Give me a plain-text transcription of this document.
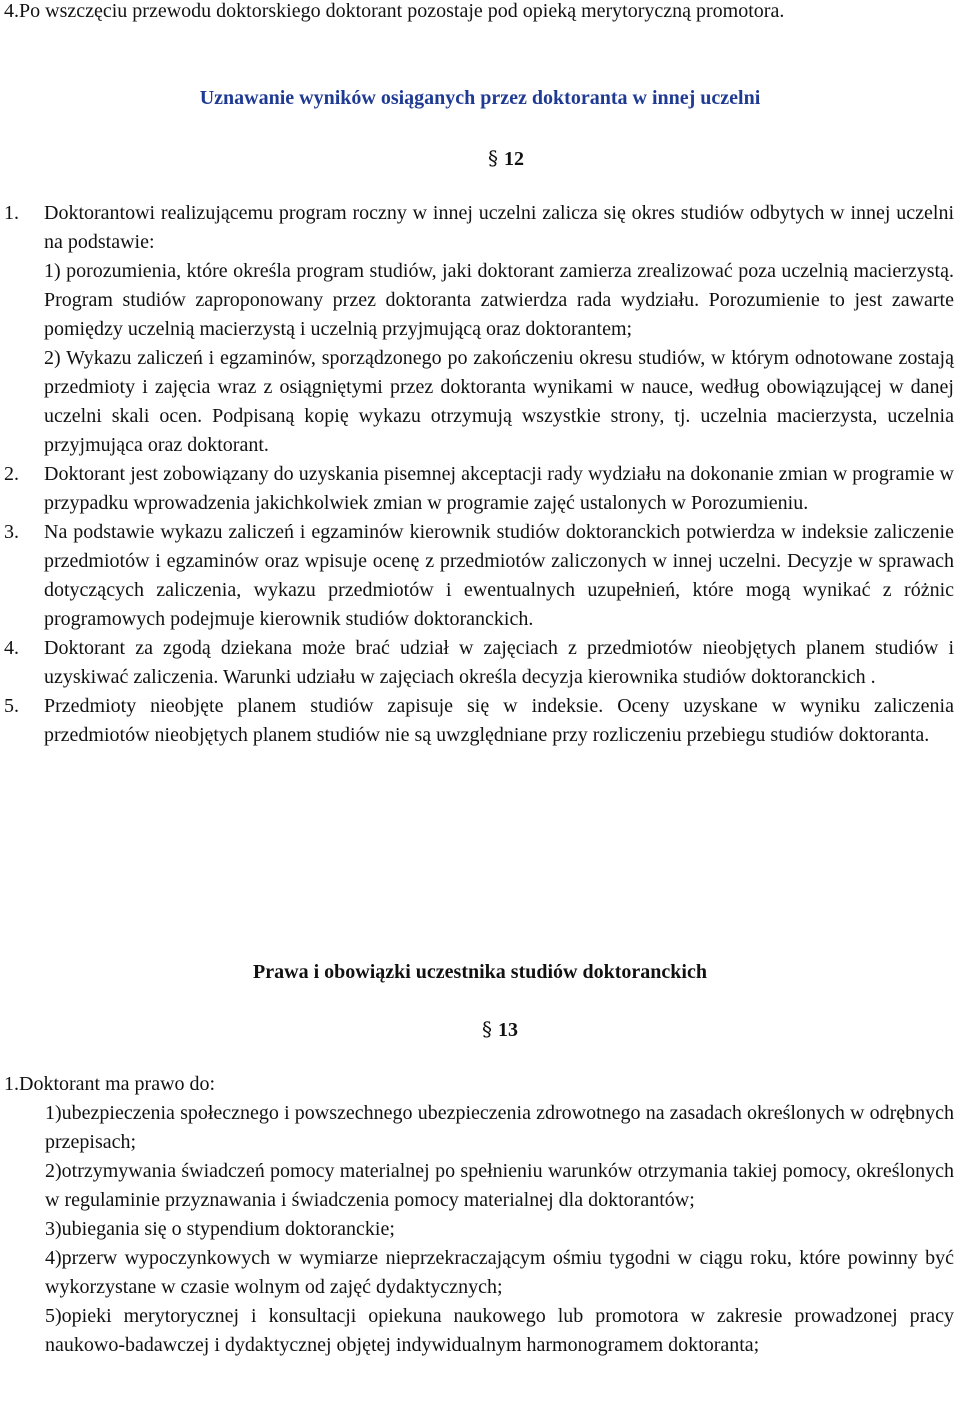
4.Po wszczęciu przewodu doktorskiego doktorant pozostaje pod opieką merytoryczną promotora.

Uznawanie wyników osiąganych przez doktoranta w innej uczelni

§ 12

1.	Doktorantowi realizującemu program roczny w innej uczelni zalicza się okres studiów odbytych w innej uczelni na podstawie:

1) porozumienia, które określa program studiów, jaki doktorant zamierza zrealizować poza uczelnią macierzystą. Program studiów zaproponowany przez doktoranta zatwierdza rada wydziału. Porozumienie to jest zawarte pomiędzy uczelnią macierzystą i uczelnią przyjmującą oraz doktorantem;

2) Wykazu zaliczeń i egzaminów, sporządzonego po zakończeniu okresu studiów, w którym odnotowane zostają przedmioty i zajęcia wraz z osiągniętymi przez doktoranta wynikami w nauce, według obowiązującej w danej uczelni skali ocen. Podpisaną kopię wykazu otrzymują wszystkie strony, tj. uczelnia macierzysta, uczelnia przyjmująca oraz doktorant.

2.	Doktorant jest zobowiązany do uzyskania pisemnej akceptacji rady wydziału na dokonanie zmian w programie w przypadku wprowadzenia jakichkolwiek zmian w programie zajęć ustalonych w Porozumieniu.

3.	Na podstawie wykazu zaliczeń i egzaminów kierownik studiów doktoranckich potwierdza w indeksie zaliczenie przedmiotów i egzaminów oraz wpisuje ocenę z przedmiotów zaliczonych w innej uczelni. Decyzje w sprawach dotyczących zaliczenia, wykazu przedmiotów i ewentualnych uzupełnień, które mogą wynikać z różnic programowych podejmuje kierownik studiów doktoranckich.

4.	Doktorant za zgodą dziekana może brać udział w zajęciach z przedmiotów nieobjętych planem studiów i uzyskiwać zaliczenia. Warunki udziału w zajęciach określa decyzja kierownika studiów doktoranckich .

5.	Przedmioty nieobjęte planem studiów zapisuje się w indeksie. Oceny uzyskane w wyniku zaliczenia przedmiotów nieobjętych planem studiów nie są uwzględniane przy rozliczeniu przebiegu studiów doktoranta.

Prawa i obowiązki uczestnika studiów doktoranckich

§ 13

1.Doktorant ma prawo do:

1)ubezpieczenia społecznego i powszechnego ubezpieczenia zdrowotnego na zasadach określonych w odrębnych przepisach;

2)otrzymywania świadczeń pomocy materialnej po spełnieniu warunków otrzymania takiej pomocy, określonych w regulaminie przyznawania i świadczenia pomocy materialnej dla doktorantów;

3)ubiegania się o stypendium doktoranckie;

4)przerw wypoczynkowych w wymiarze nieprzekraczającym ośmiu tygodni w ciągu roku, które powinny być wykorzystane w czasie wolnym od zajęć dydaktycznych;

5)opieki merytorycznej i konsultacji opiekuna naukowego lub promotora w zakresie prowadzonej pracy naukowo-badawczej i dydaktycznej objętej indywidualnym harmonogramem doktoranta;
